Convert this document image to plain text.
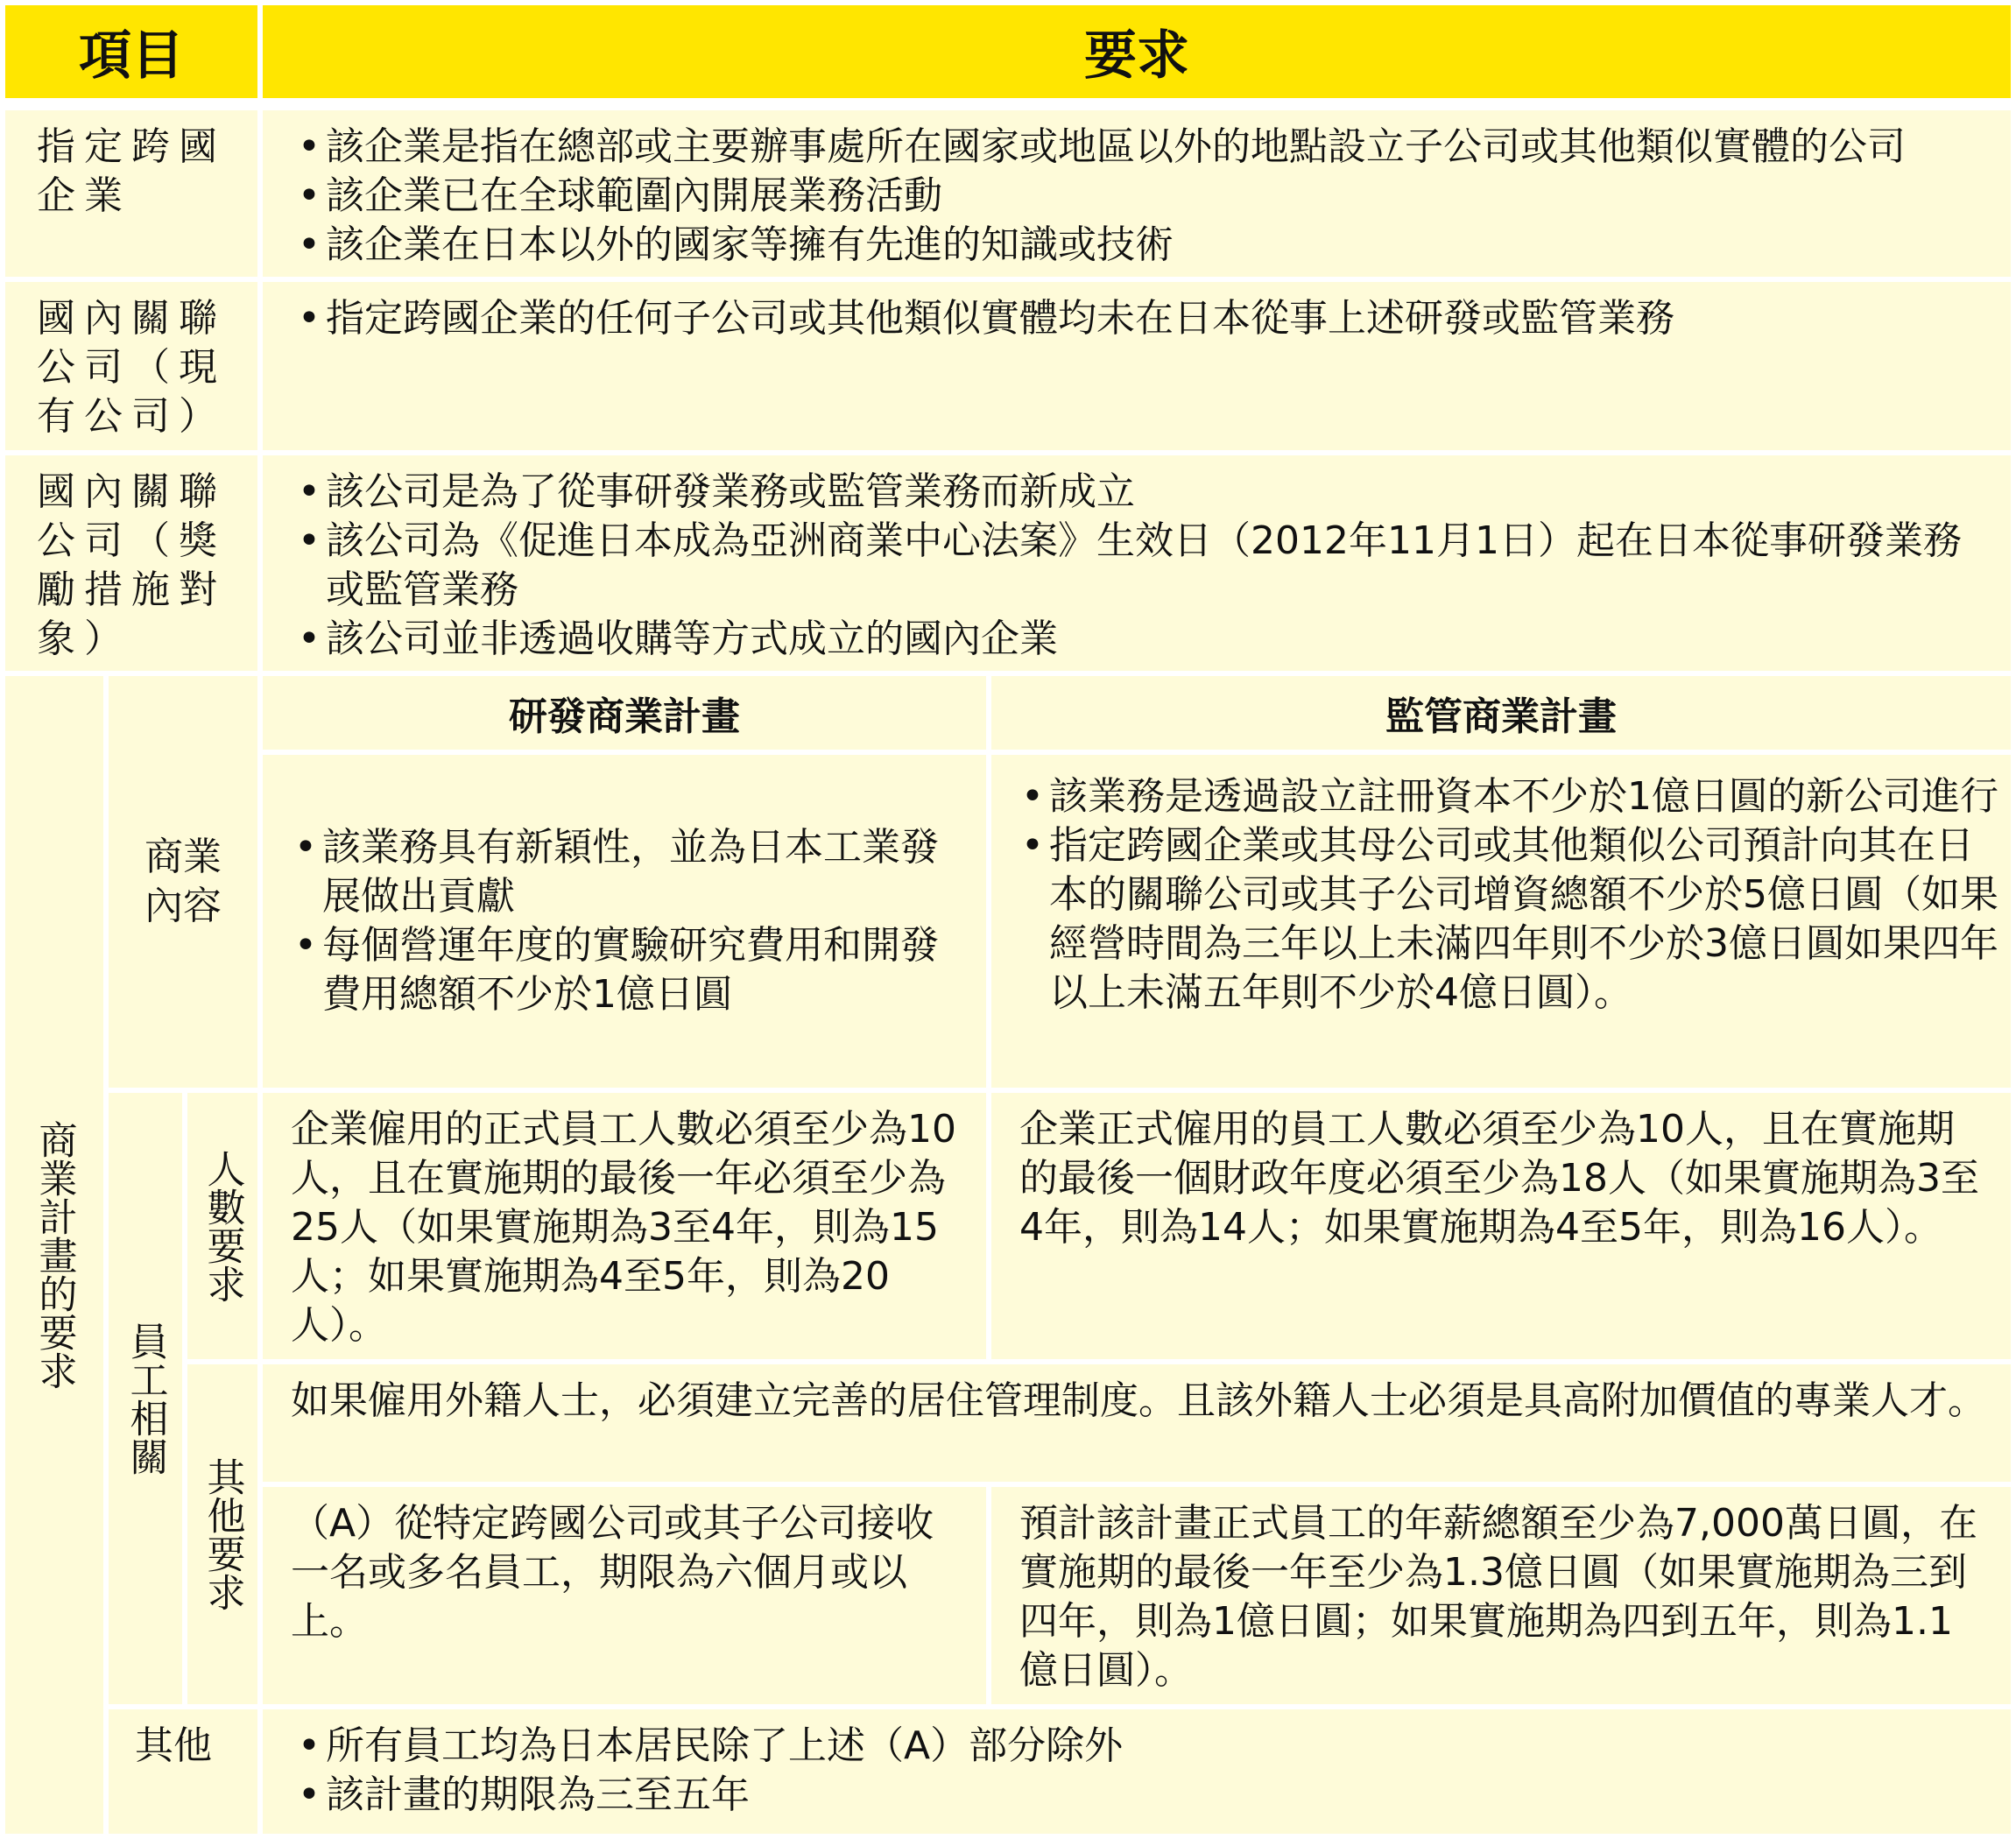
項目	要求
指定跨國企業
• 該企業是指在總部或主要辦事處所在國家或地區以外的地點設立子公司或其他類似實體的公司
• 該企業已在全球範圍內開展業務活動
• 該企業在日本以外的國家等擁有先進的知識或技術
國內關聯公司（現有公司）
• 指定跨國企業的任何子公司或其他類似實體均未在日本從事上述研發或監管業務
國內關聯公司（獎勵措施對象）
• 該公司是為了從事研發業務或監管業務而新成立
• 該公司為《促進日本成為亞洲商業中心法案》生效日（2012年11月1日）起在日本從事研發業務或監管業務
• 該公司並非透過收購等方式成立的國內企業
商業計畫的要求
研發商業計畫	監管商業計畫
商業內容
• 該業務具有新穎性，並為日本工業發展做出貢獻
• 每個營運年度的實驗研究費用和開發費用總額不少於1億日圓
• 該業務是透過設立註冊資本不少於1億日圓的新公司進行
• 指定跨國企業或其母公司或其他類似公司預計向其在日本的關聯公司或其子公司增資總額不少於5億日圓（如果經營時間為三年以上未滿四年則不少於3億日圓如果四年以上未滿五年則不少於4億日圓）。
員工相關
人數要求
企業僱用的正式員工人數必須至少為10人，且在實施期的最後一年必須至少為25人（如果實施期為3至4年，則為15人；如果實施期為4至5年，則為20人）。
企業正式僱用的員工人數必須至少為10人，且在實施期的最後一個財政年度必須至少為18人（如果實施期為3至4年，則為14人；如果實施期為4至5年，則為16人）。
其他要求
如果僱用外籍人士，必須建立完善的居住管理制度。且該外籍人士必須是具高附加價值的專業人才。
（A）從特定跨國公司或其子公司接收一名或多名員工，期限為六個月或以上。
預計該計畫正式員工的年薪總額至少為7,000萬日圓，在實施期的最後一年至少為1.3億日圓（如果實施期為三到四年，則為1億日圓；如果實施期為四到五年，則為1.1億日圓）。
其他
•	所有員工均為日本居民除了上述（A）部分除外
• 該計畫的期限為三至五年
